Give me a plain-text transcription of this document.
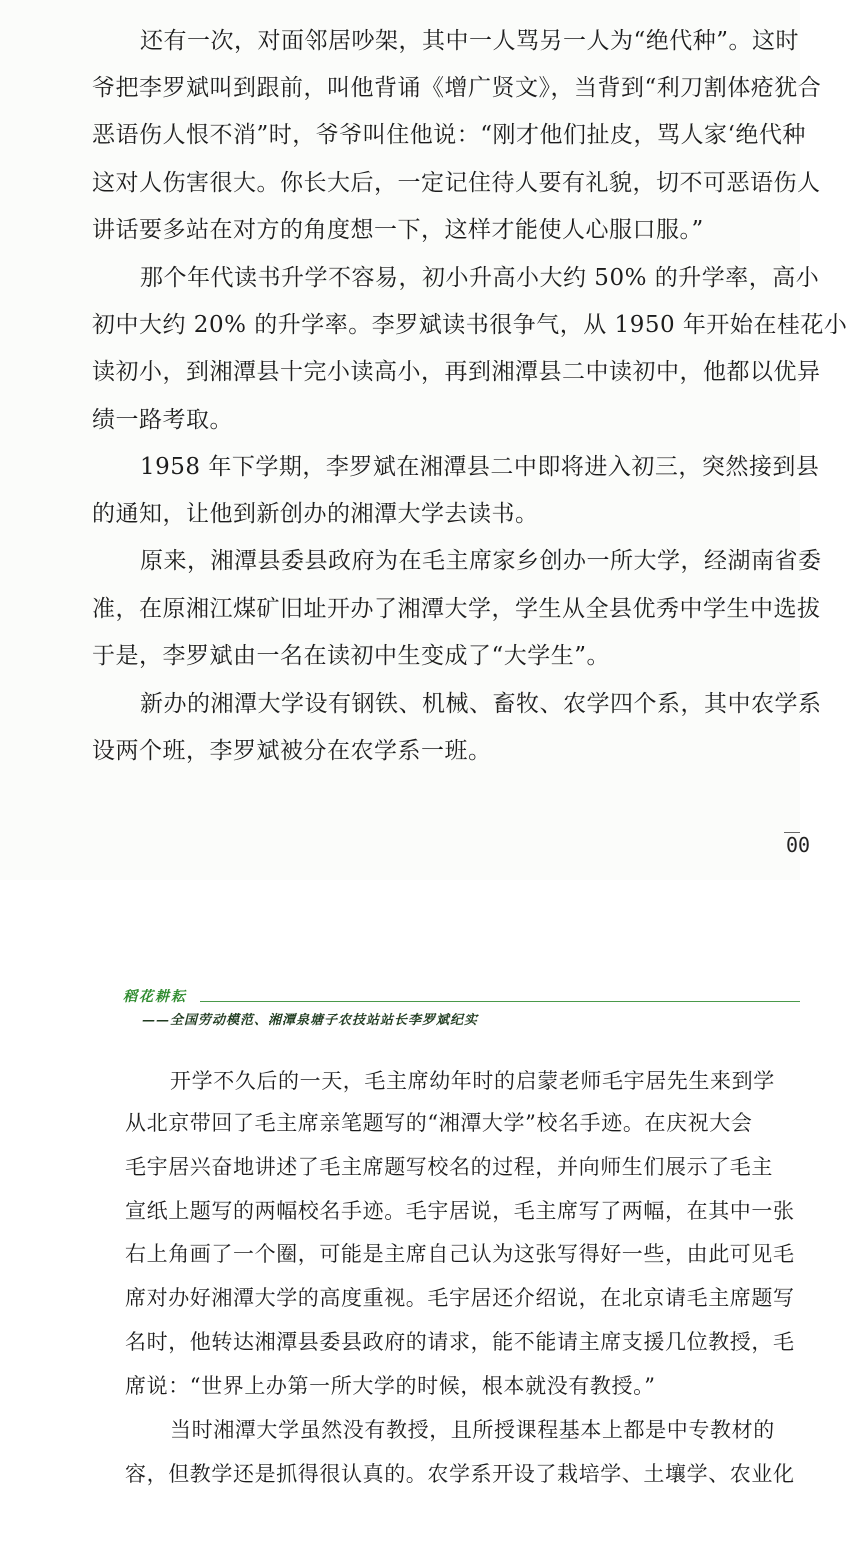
还有一次，对面邻居吵架，其中一人骂另一人为“绝代种”。这时
爷把李罗斌叫到跟前，叫他背诵《增广贤文》，当背到“利刀割体疮犹合
恶语伤人恨不消”时，爷爷叫住他说：“刚才他们扯皮，骂人家‘绝代种
这对人伤害很大。你长大后，一定记住待人要有礼貌，切不可恶语伤人
讲话要多站在对方的角度想一下，这样才能使人心服口服。”
那个年代读书升学不容易，初小升高小大约 50% 的升学率，高小
初中大约 20% 的升学率。李罗斌读书很争气，从 1950 年开始在桂花小
读初小，到湘潭县十完小读高小，再到湘潭县二中读初中，他都以优异
绩一路考取。
1958 年下学期，李罗斌在湘潭县二中即将进入初三，突然接到县
的通知，让他到新创办的湘潭大学去读书。
原来，湘潭县委县政府为在毛主席家乡创办一所大学，经湖南省委
准，在原湘江煤矿旧址开办了湘潭大学，学生从全县优秀中学生中选拔
于是，李罗斌由一名在读初中生变成了“大学生”。
新办的湘潭大学设有钢铁、机械、畜牧、农学四个系，其中农学系
设两个班，李罗斌被分在农学系一班。
00
稻花耕耘
——全国劳动模范、湘潭泉塘子农技站站长李罗斌纪实
开学不久后的一天，毛主席幼年时的启蒙老师毛宇居先生来到学
从北京带回了毛主席亲笔题写的“湘潭大学”校名手迹。在庆祝大会
毛宇居兴奋地讲述了毛主席题写校名的过程，并向师生们展示了毛主
宣纸上题写的两幅校名手迹。毛宇居说，毛主席写了两幅，在其中一张
右上角画了一个圈，可能是主席自己认为这张写得好一些，由此可见毛
席对办好湘潭大学的高度重视。毛宇居还介绍说，在北京请毛主席题写
名时，他转达湘潭县委县政府的请求，能不能请主席支援几位教授，毛
席说：“世界上办第一所大学的时候，根本就没有教授。”
当时湘潭大学虽然没有教授，且所授课程基本上都是中专教材的
容，但教学还是抓得很认真的。农学系开设了栽培学、土壤学、农业化
